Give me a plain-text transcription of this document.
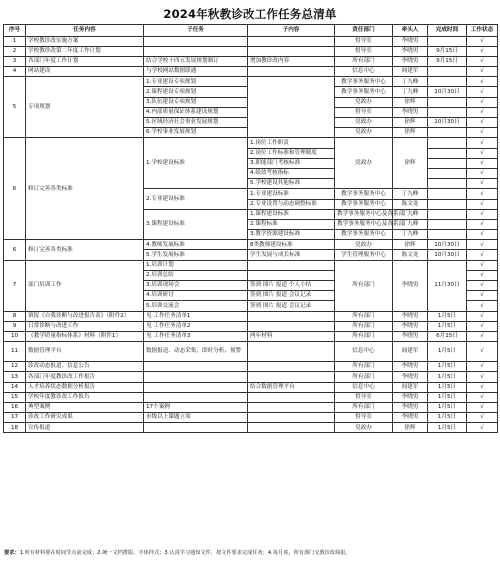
2024年秋教诊改工作任务总清单
序号	任务内容	子任务	子内容	责任部门	牵头人	完成时间	工作状态
1	学校教诊改实施方案			督导室	李晓男		√
2	学校教诊改第二年度工作计划			督导室	李晓男	9月15日	√
3	各部门年度工作计划	结合学校十四五发展规划制订	增加教诊改内容	所有部门	李晓男	9月15日	√
4	网站建设	与学校网站数据联通		信息中心	阎建军		√
5	专项规划	1.专业建设专项规划		教学事务服务中心	丁九峰		√
		2.课程建设专项规划		教学事务服务中心	丁九峰	10月30日	√
		3.队伍建设专项规划		党政办	徐辉		√
		4.内部质量保证体系建设规划		督导室	李晓男		√
		5.区域经济社会事业发展规划		党政办	徐辉	10月30日	√
		6.学校事业发展规划		党政办	徐辉		√
6	修订完善各类标准	1.学校建设标准	1.岗位工作职责	党政办	徐辉		√
			2.岗位工作标准和管理制度				√
			3.职能部门考核标准				√
			4.绩效考核指标				√
			5.学校建设其他标准				√
		2.专业建设标准	1.专业建设标准	教学事务服务中心	丁九峰		√
			2.专业设置与动态调整标准	教学事务服务中心	陈文龙		√
		3.课程建设标准	1.课程建设标准	教学事务服务中心及各系部	丁九峰		√
			2.课程标准	教学事务服务中心及各系部	丁九峰		√
			3.教学资源建设标准	教学事务服务中心	丁九峰		√
6	修订完善各类标准	4.教师发展标准	8类教师建设标准	党政办	徐辉	10月30日	√
		5.学生发展标准	学生发展与成长标准	学生管理服务中心	陈文龙	10月30日	√
7	部门培训工作	1.培训计划		所有部门	李晓男	11月30日	√
		2.培训总结					√
		3.培训现场会	签到 图片 报道 个人小结				√
		4.培训研讨	签到 图片 报道 会议记录				√
		5.培训交流会	签到 图片 报道 会议记录				√
8	填报《自我诊断与改进报告表》（附件2）	见 工作任务清单1		所有部门	李晓男	1月5日	√
9	日常诊断与改进工作	见 工作任务清单2		所有部门	李晓男	1月5日	√
10	《教学质量指标体系》材料（附件1）	见 工作任务清单3	两年材料	所有部门	李晓男	6月15日	√
11	数据管理平台	数据报送、动态采集、即时分析、预警		信息中心	阎建军	1月5日	√
12	诊改动态报道、信息公告			所有部门	李晓男	1月5日	√
13	各部门年度教诊改工作报告			所有部门	李晓男	1月5日	√
14	人才培养状态数据分析报告		结合数据管理平台	信息中心	阎建军	1月5日	√
15	学校年度教诊改工作报告			督导室	李晓男	1月5日	√
16	典型案例	17个案例		所有部门	李晓男	1月5日	√
17	诊改工作研究成果	市级以上课题立项		督导室	李晓男	1月5日	√
18	宣传报道			党政办	徐辉	1月5日	√
要求：1.所有材料要在时间节点前完成；2.统一文档排版、字体样式；3.认真学习通知文件，按文件要求完成任务；4.每月底，所有部门交教诊改简报。
